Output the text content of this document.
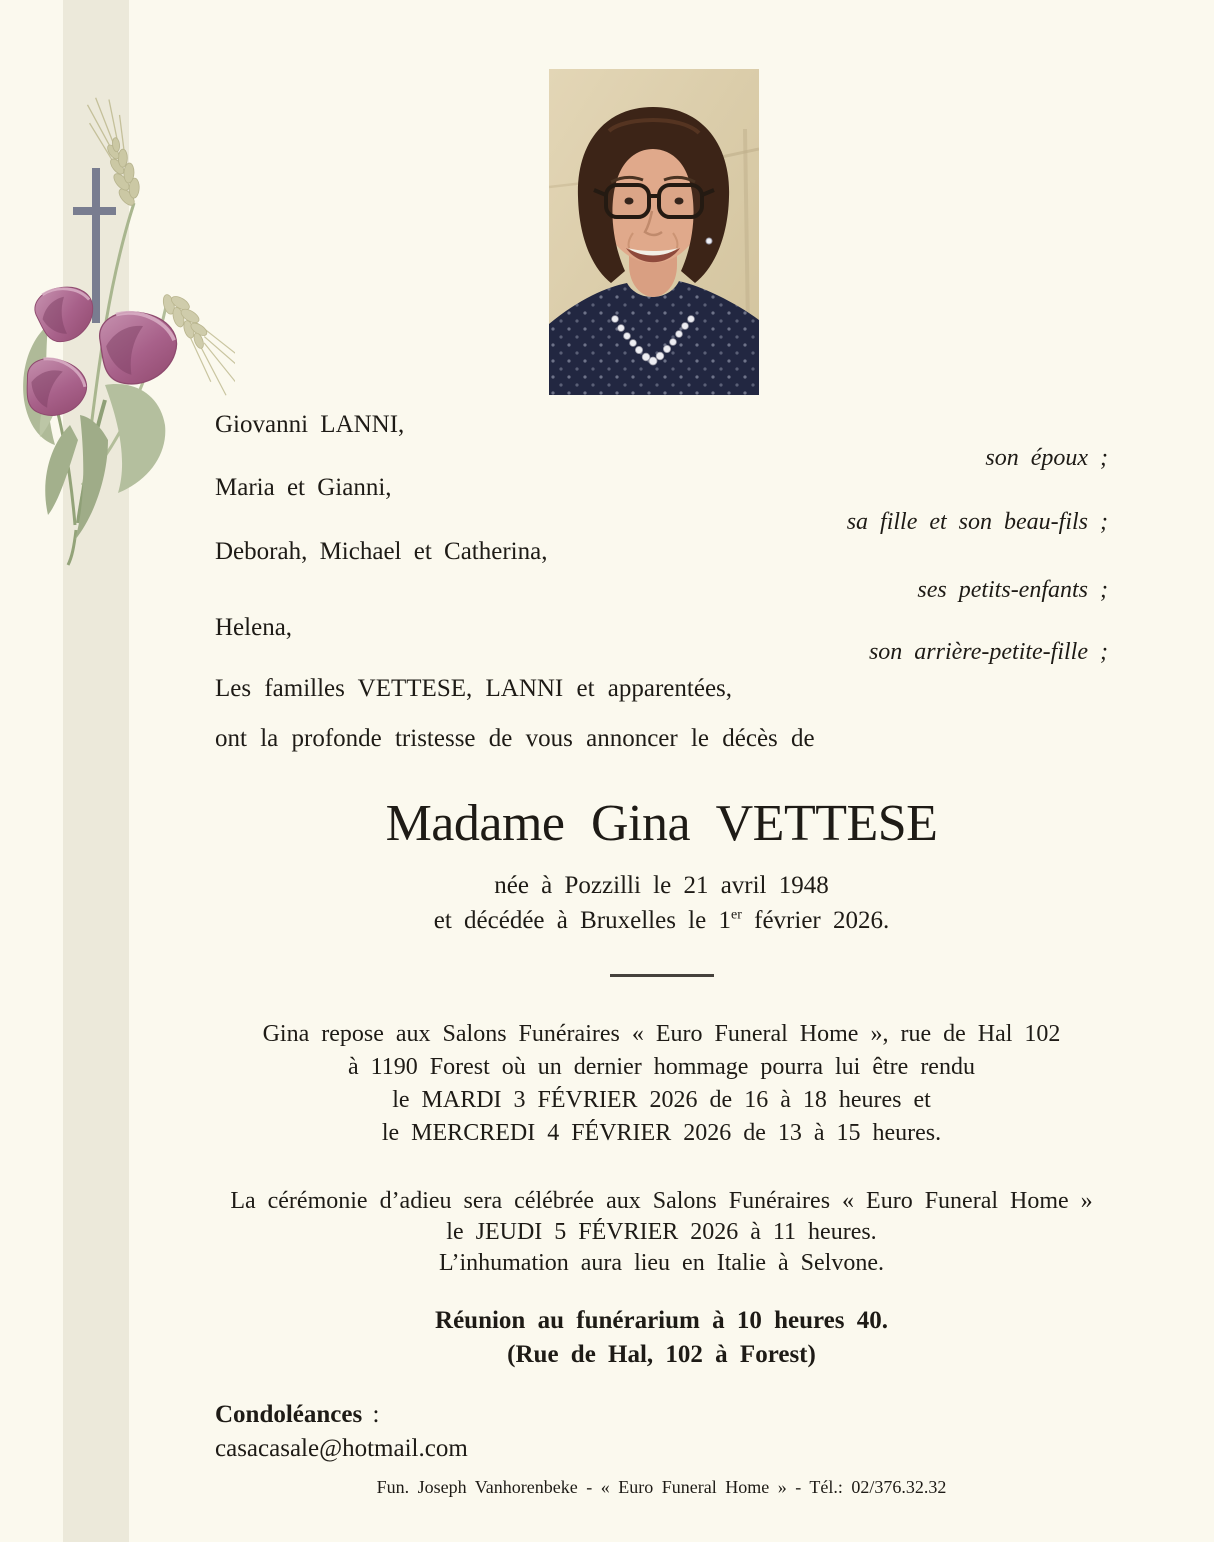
Giovanni LANNI,
son époux ;
Maria et Gianni,
sa fille et son beau-fils ;
Deborah, Michael et Catherina,
ses petits-enfants ;
Helena,
son arrière-petite-fille ;
Les familles VETTESE, LANNI et apparentées,
ont la profonde tristesse de vous annoncer le décès de
Madame Gina VETTESE
née à Pozzilli le 21 avril 1948
et décédée à Bruxelles le 1er février 2026.
Gina repose aux Salons Funéraires « Euro Funeral Home », rue de Hal 102
à 1190 Forest où un dernier hommage pourra lui être rendu
le MARDI 3 FÉVRIER 2026 de 16 à 18 heures et
le MERCREDI 4 FÉVRIER 2026 de 13 à 15 heures.
La cérémonie d’adieu sera célébrée aux Salons Funéraires « Euro Funeral Home »
le JEUDI 5 FÉVRIER 2026 à 11 heures.
L’inhumation aura lieu en Italie à Selvone.
Réunion au funérarium à 10 heures 40.
(Rue de Hal, 102 à Forest)
Condoléances :
casacasale@hotmail.com
Fun. Joseph Vanhorenbeke - « Euro Funeral Home » - Tél.: 02/376.32.32
